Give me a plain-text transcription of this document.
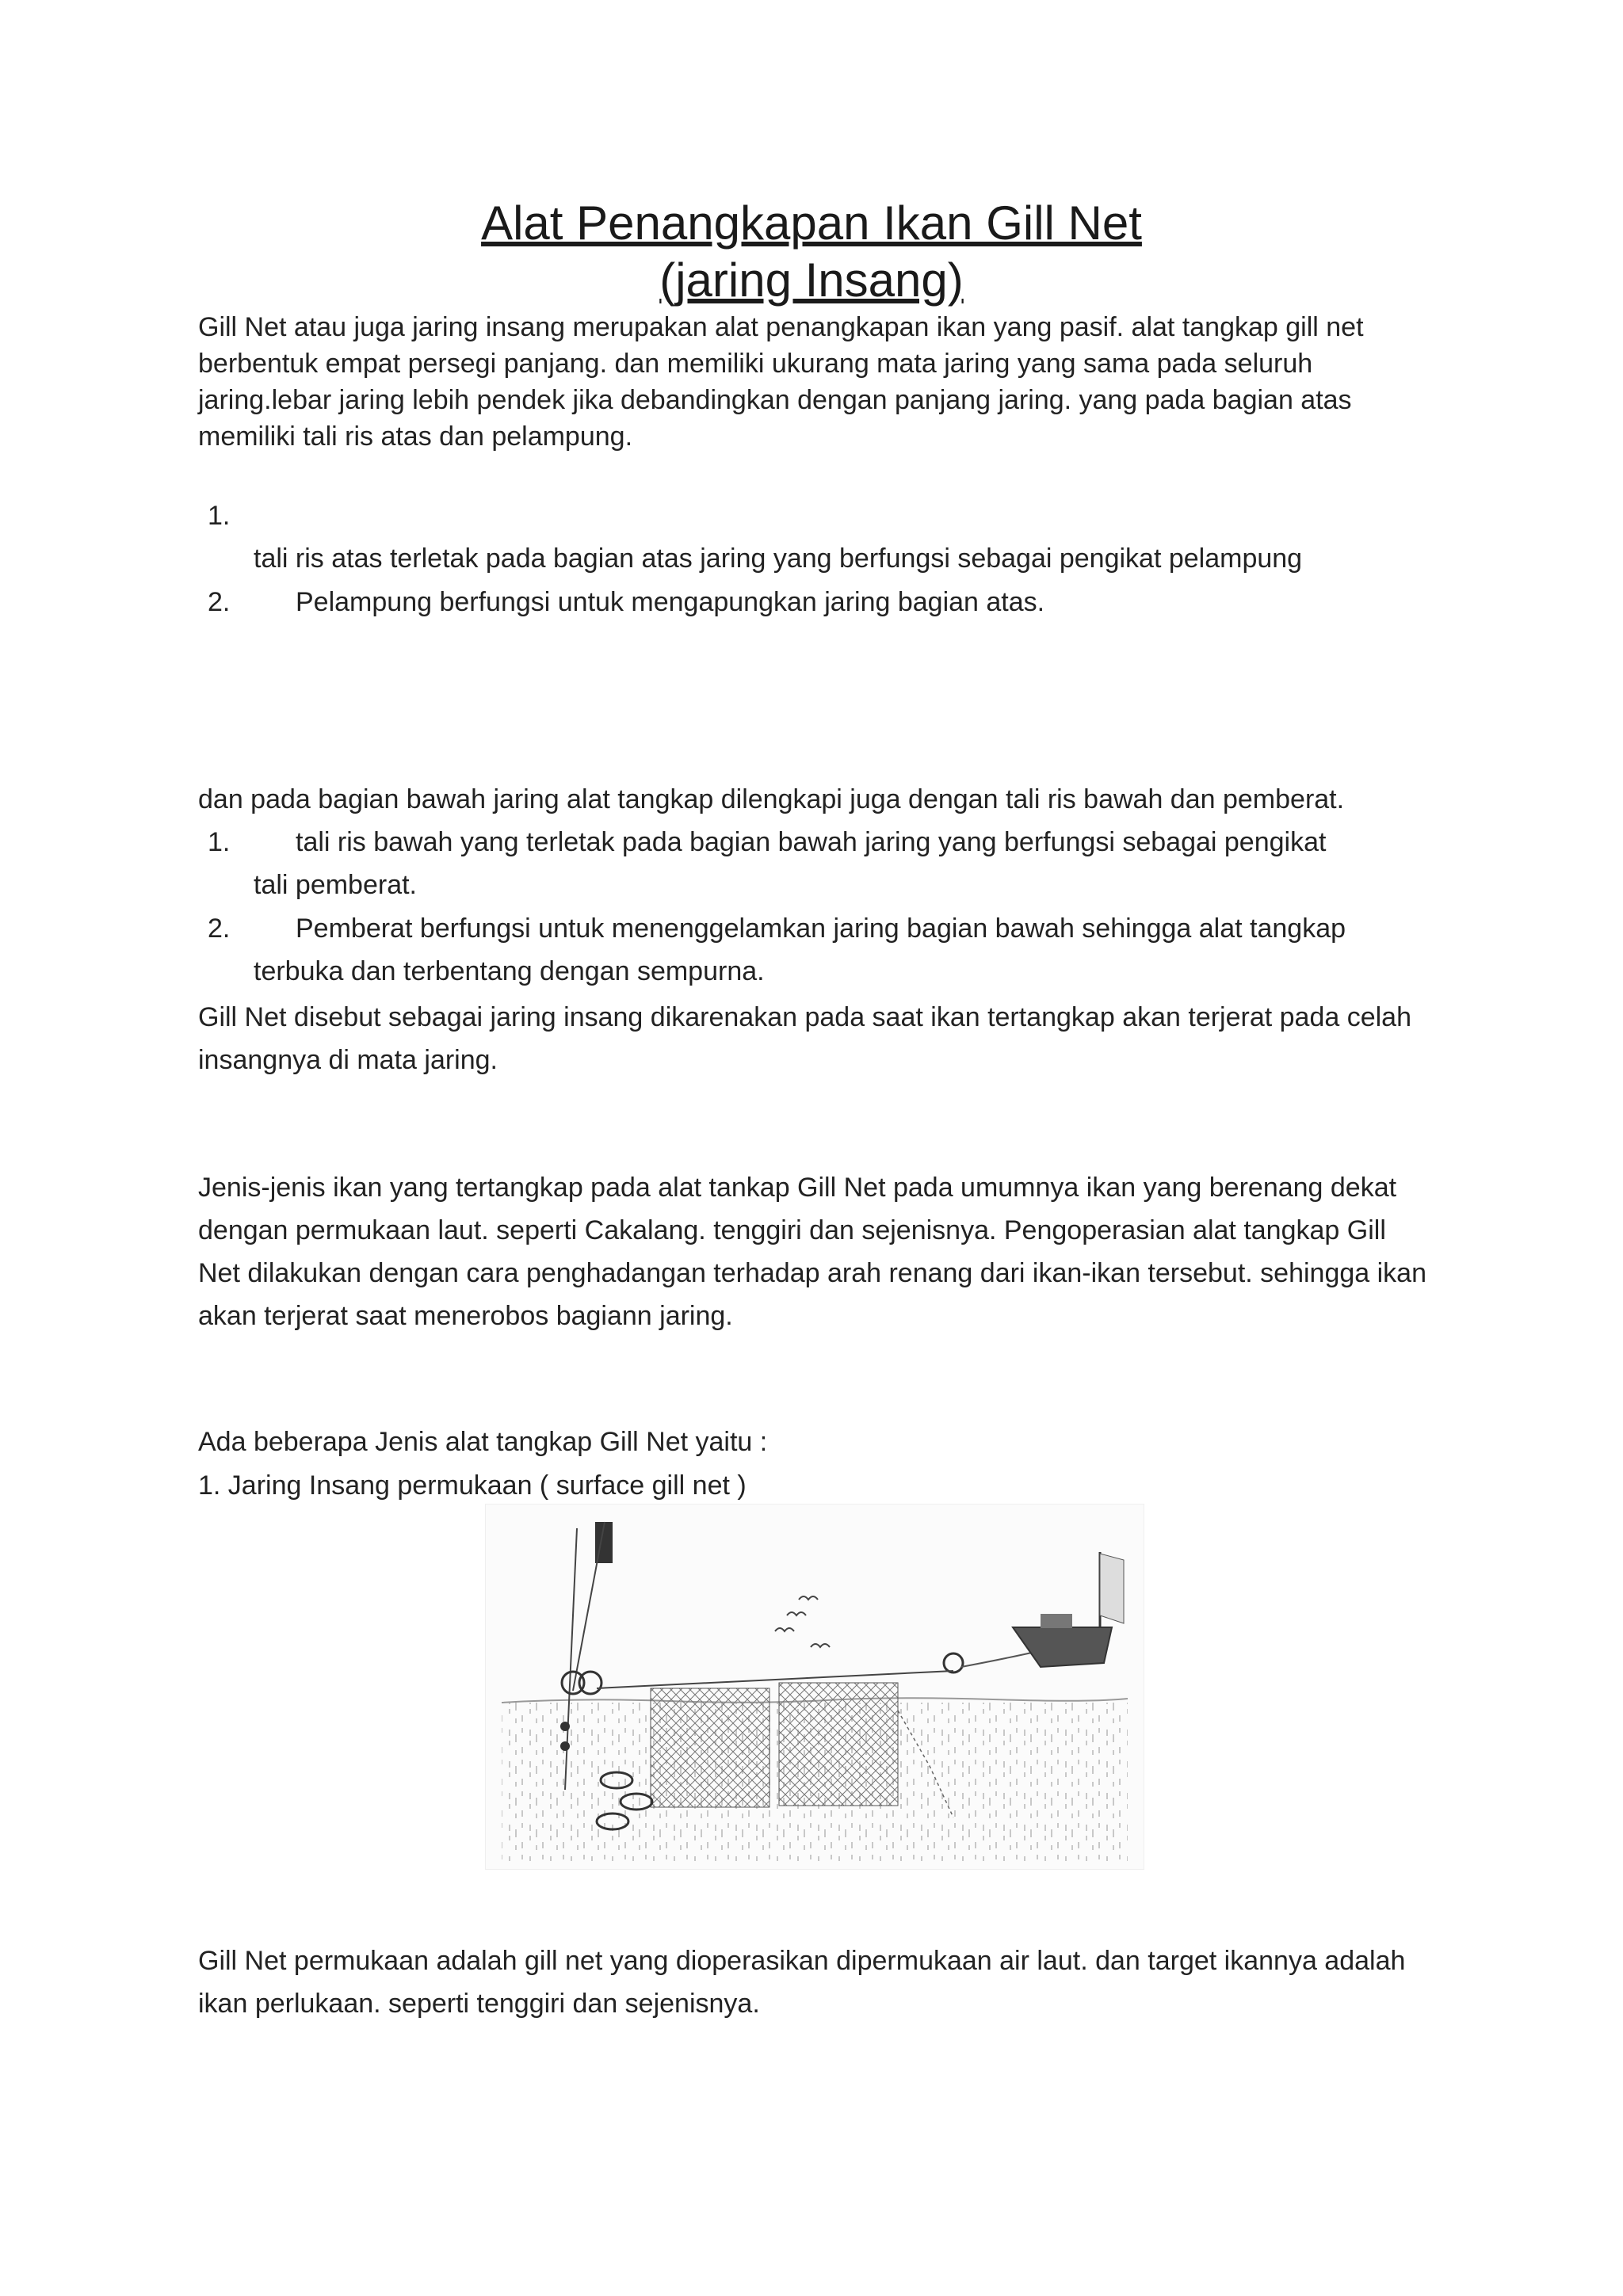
Alat Penangkapan Ikan Gill Net
(jaring Insang)
Gill Net atau juga jaring insang merupakan alat penangkapan ikan yang pasif. alat tangkap gill net berbentuk empat persegi panjang. dan memiliki ukurang mata jaring yang sama pada seluruh jaring.lebar jaring lebih pendek jika debandingkan dengan panjang jaring. yang pada bagian atas memiliki tali ris atas dan pelampung.
1.
tali ris atas terletak pada bagian atas jaring yang berfungsi sebagai pengikat pelampung
2. Pelampung berfungsi untuk mengapungkan jaring bagian atas.
dan pada bagian bawah jaring alat tangkap dilengkapi juga dengan tali ris bawah dan pemberat.
1. tali ris bawah yang terletak pada bagian bawah jaring yang berfungsi sebagai pengikat
tali pemberat.
2. Pemberat berfungsi untuk menenggelamkan jaring bagian bawah sehingga alat tangkap
terbuka dan terbentang dengan sempurna.
Gill Net disebut sebagai jaring insang dikarenakan pada saat ikan tertangkap akan terjerat pada celah insangnya di mata jaring.
Jenis-jenis ikan yang tertangkap pada alat tankap Gill Net pada umumnya ikan yang berenang dekat dengan permukaan laut. seperti Cakalang. tenggiri dan sejenisnya. Pengoperasian alat tangkap Gill Net dilakukan dengan cara penghadangan terhadap arah renang dari ikan-ikan tersebut. sehingga ikan akan terjerat saat menerobos bagiann jaring.
Ada beberapa Jenis alat tangkap Gill Net yaitu :
1. Jaring Insang permukaan ( surface gill net )
Gill Net permukaan adalah gill net yang dioperasikan dipermukaan air laut. dan target ikannya adalah ikan perlukaan. seperti tenggiri dan sejenisnya.
